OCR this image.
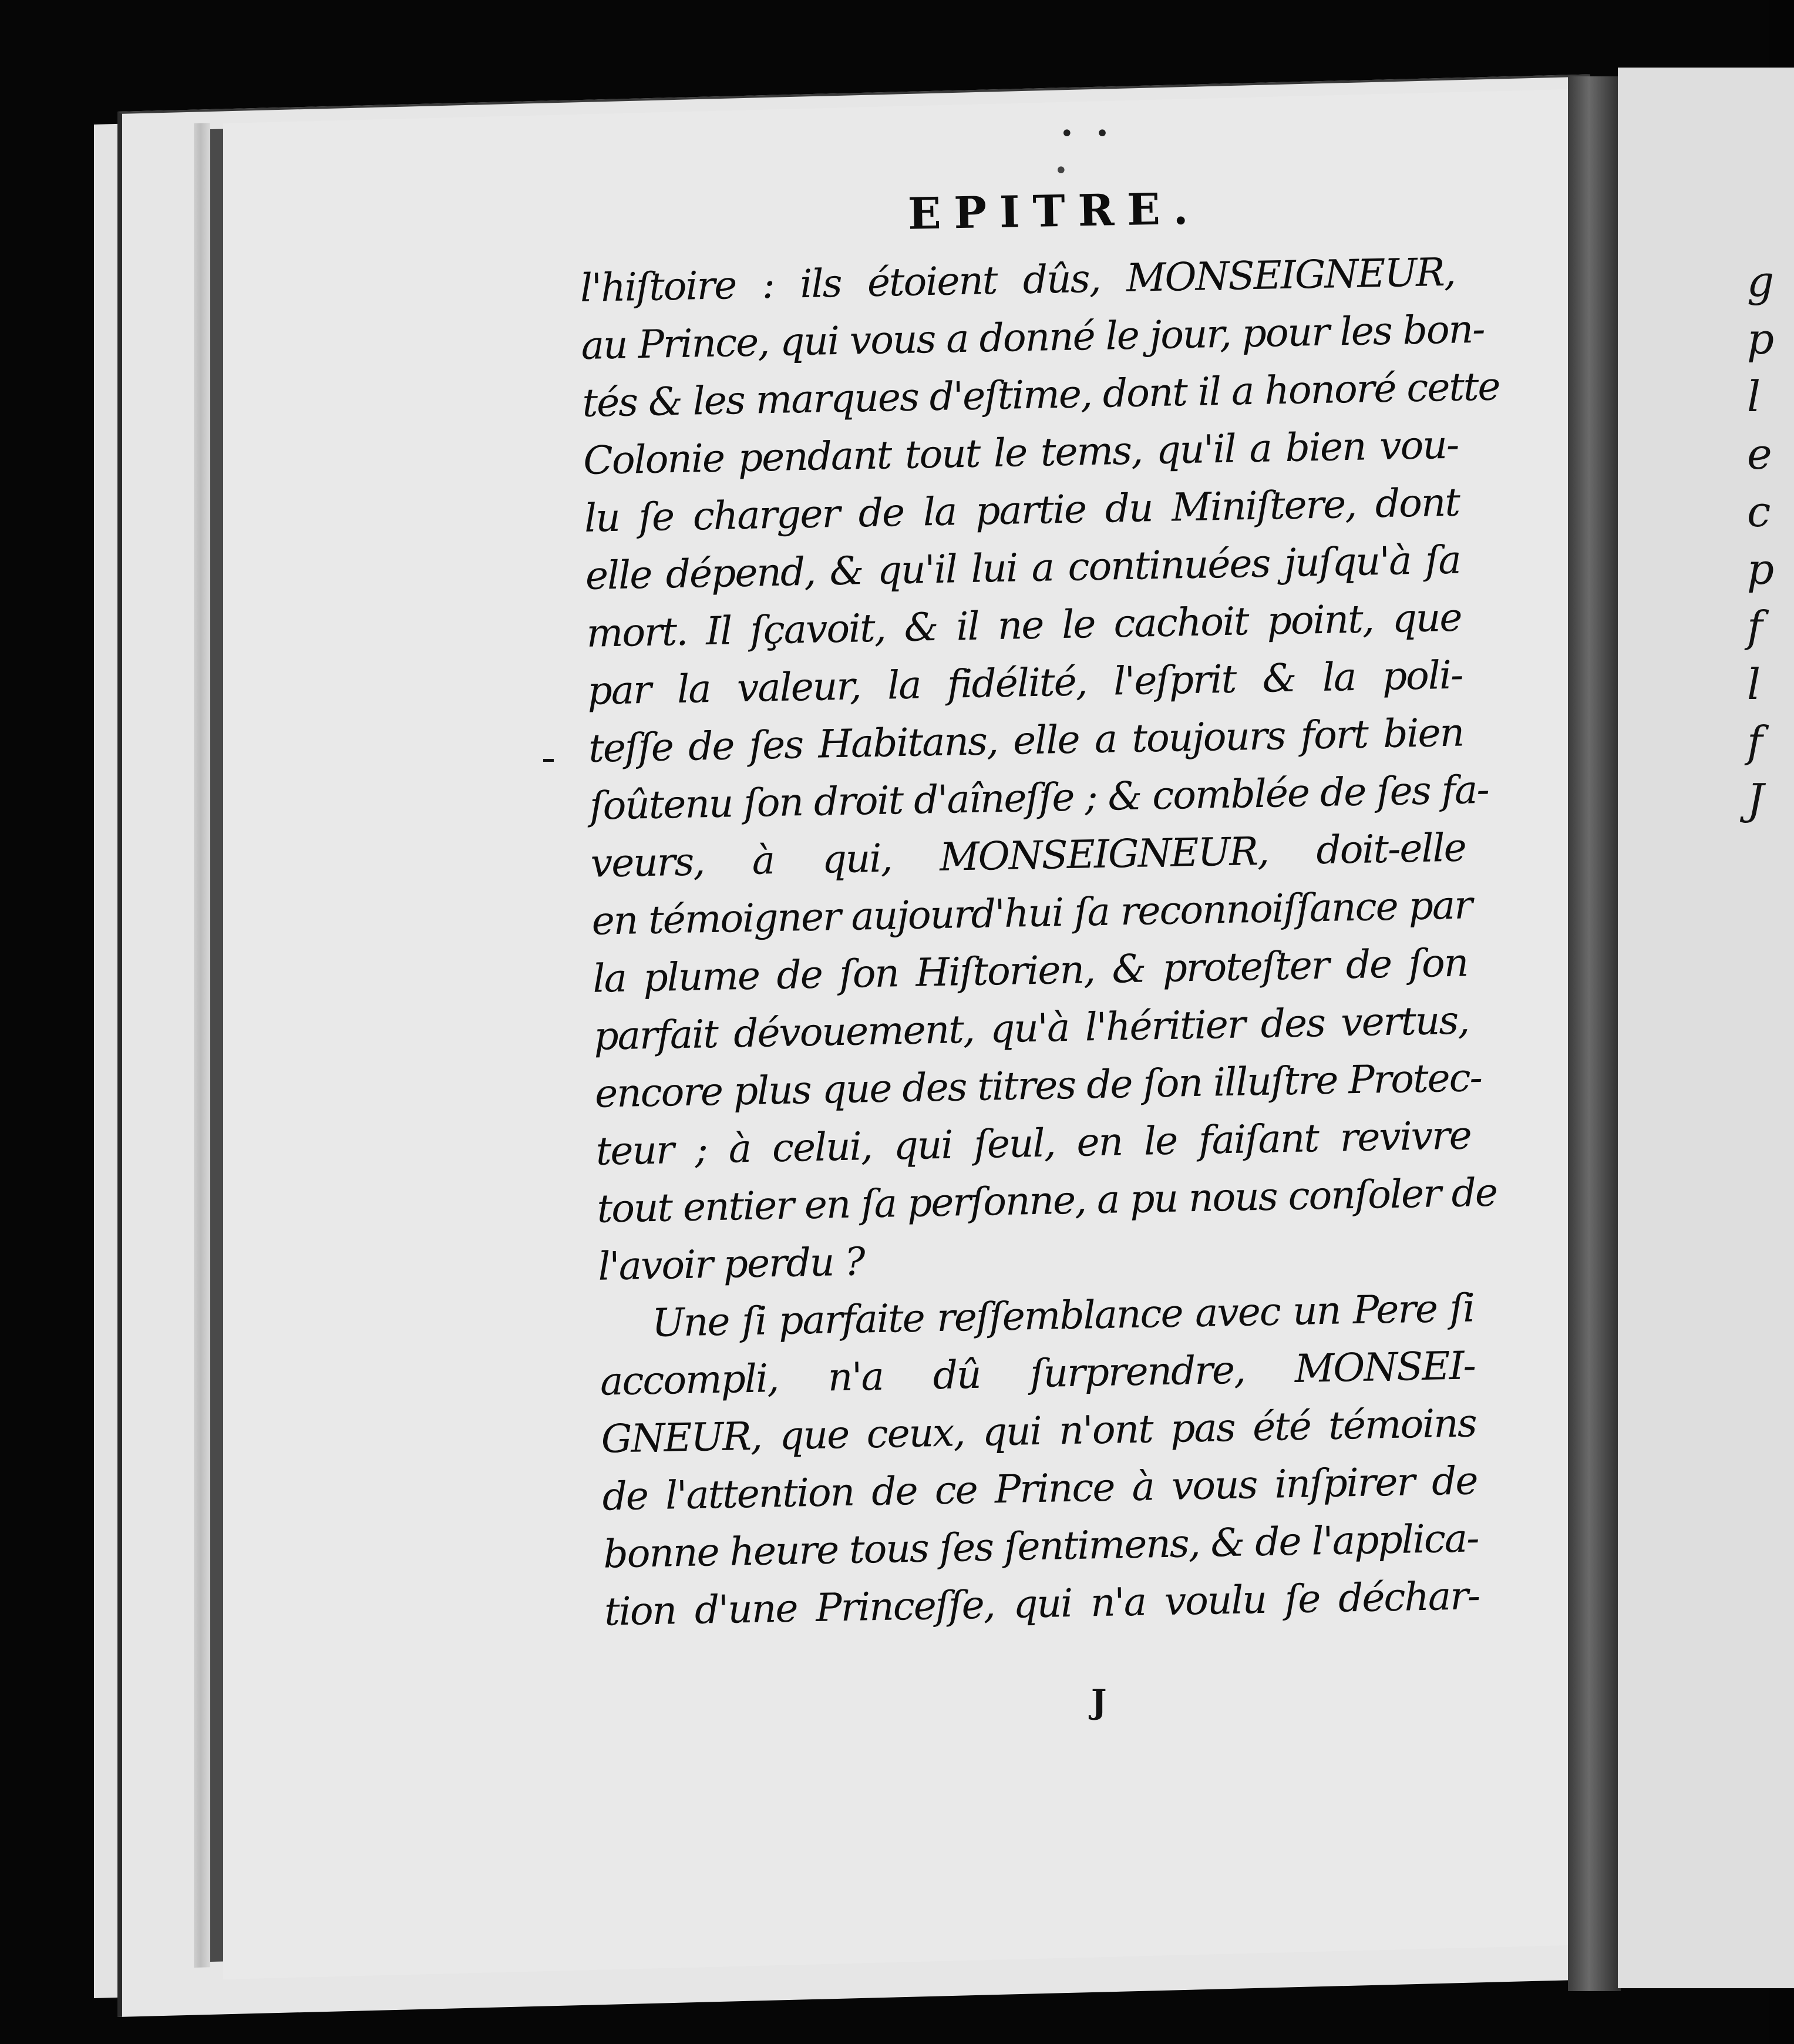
g
p
l
e
c
p
f
l
f
J
• •
•
EPITRE.
l'hiſtoire : ils étoient dûs, MONSEIGNEUR,
au Prince, qui vous a donné le jour, pour les bon-
tés & les marques d'eſtime, dont il a honoré cette
Colonie pendant tout le tems, qu'il a bien vou-
lu ſe charger de la partie du Miniſtere, dont
elle dépend, & qu'il lui a continuées juſqu'à ſa
mort. Il ſçavoit, & il ne le cachoit point, que
par la valeur, la fidélité, l'eſprit & la poli-
teſſe de ſes Habitans, elle a toujours fort bien
ſoûtenu ſon droit d'aîneſſe ; & comblée de ſes fa-
veurs, à qui, MONSEIGNEUR, doit-elle
en témoigner aujourd'hui ſa reconnoiſſance par
la plume de ſon Hiſtorien, & proteſter de ſon
parfait dévouement, qu'à l'héritier des vertus,
encore plus que des titres de ſon illuſtre Protec-
teur ; à celui, qui ſeul, en le faiſant revivre
tout entier en ſa perſonne, a pu nous conſoler de
l'avoir perdu ?
Une ſi parfaite reſſemblance avec un Pere ſi
accompli, n'a dû ſurprendre, MONSEI-
GNEUR, que ceux, qui n'ont pas été témoins
de l'attention de ce Prince à vous inſpirer de
bonne heure tous ſes ſentimens, & de l'applica-
tion d'une Princeſſe, qui n'a voulu ſe déchar-
J
